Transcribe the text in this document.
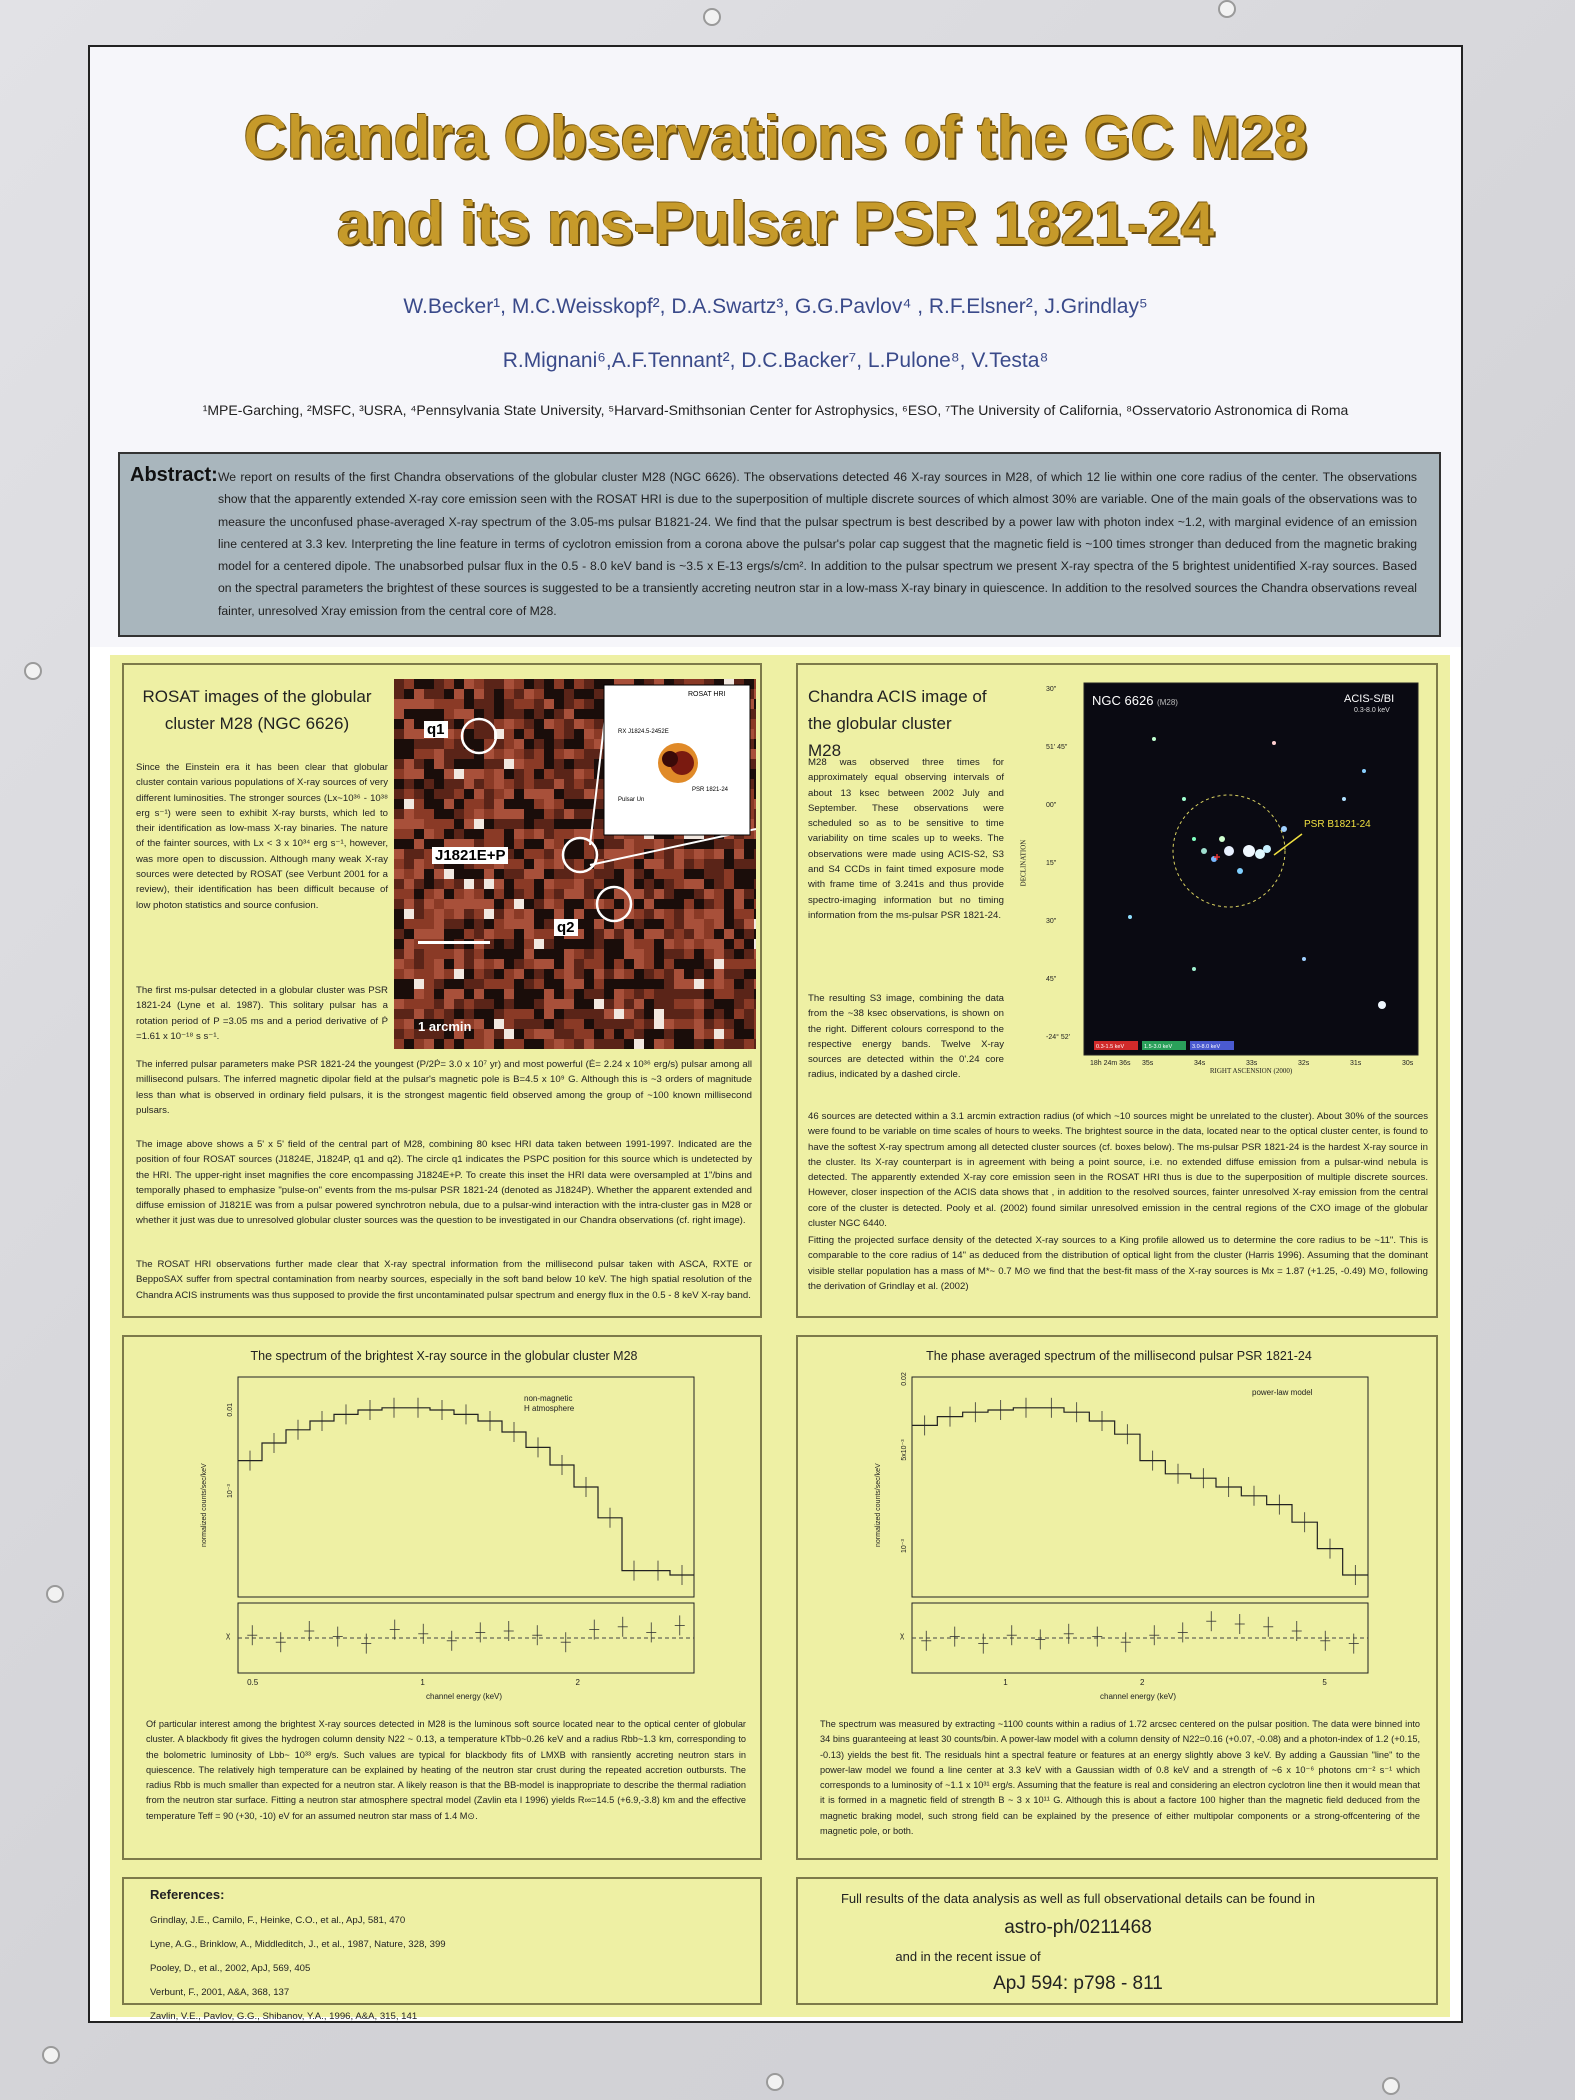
Chandra Observations of the GC M28
and its ms-Pulsar PSR 1821-24
W.Becker¹, M.C.Weisskopf², D.A.Swartz³, G.G.Pavlov⁴ , R.F.Elsner², J.Grindlay⁵
R.Mignani⁶,A.F.Tennant², D.C.Backer⁷, L.Pulone⁸, V.Testa⁸
¹MPE-Garching, ²MSFC, ³USRA, ⁴Pennsylvania State University, ⁵Harvard-Smithsonian Center for Astrophysics, ⁶ESO, ⁷The University of California, ⁸Osservatorio Astronomica di Roma
Abstract: We report on results of the first Chandra observations of the globular cluster M28 (NGC 6626). The observations detected 46 X-ray sources in M28, of which 12 lie within one core radius of the center. The observations show that the apparently extended X-ray core emission seen with the ROSAT HRI is due to the superposition of multiple discrete sources of which almost 30% are variable. One of the main goals of the observations was to measure the unconfused phase-averaged X-ray spectrum of the 3.05-ms pulsar B1821-24. We find that the pulsar spectrum is best described by a power law with photon index ~1.2, with marginal evidence of an emission line centered at 3.3 kev. Interpreting the line feature in terms of cyclotron emission from a corona above the pulsar's polar cap suggest that the magnetic field is ~100 times stronger than deduced from the magnetic braking model for a centered dipole. The unabsorbed pulsar flux in the 0.5 - 8.0 keV band is ~3.5 x E-13 ergs/s/cm². In addition to the pulsar spectrum we present X-ray spectra of the 5 brightest unidentified X-ray sources. Based on the spectral parameters the brightest of these sources is suggested to be a transiently accreting neutron star in a low-mass X-ray binary in quiescence. In addition to the resolved sources the Chandra observations reveal fainter, unresolved Xray emission from the central core of M28.
ROSAT images of the globular
cluster M28 (NGC 6626)
Since the Einstein era it has been clear that globular cluster contain various populations of X-ray sources of very different luminosities. The stronger sources (Lx~10³⁶ - 10³⁸ erg s⁻¹) were seen to exhibit X-ray bursts, which led to their identification as low-mass X-ray binaries. The nature of the fainter sources, with Lx < 3 x 10³⁴ erg s⁻¹, however, was more open to discussion. Although many weak X-ray sources were detected by ROSAT (see Verbunt 2001 for a review), their identification has been difficult because of low photon statistics and source confusion.
The first ms-pulsar detected in a globular cluster was PSR 1821-24 (Lyne et al. 1987). This solitary pulsar has a rotation period of P =3.05 ms and a period derivative of Ṗ =1.61 x 10⁻¹⁸ s s⁻¹.
q1
q2
J1821E+P
1 arcmin
ROSAT HRI
RX J1824.5-2452E
Pulsar Un
PSR 1821-24
The inferred pulsar parameters make PSR 1821-24 the youngest (P/2Ṗ= 3.0 x 10⁷ yr) and most powerful (Ė= 2.24 x 10³⁶ erg/s) pulsar among all millisecond pulsars. The inferred magnetic dipolar field at the pulsar's magnetic pole is B=4.5 x 10⁹ G. Although this is ~3 orders of magnitude less than what is observed in ordinary field pulsars, it is the strongest magentic field observed among the group of ~100 known millisecond pulsars.
The image above shows a 5' x 5' field of the central part of M28, combining 80 ksec HRI data taken between 1991-1997. Indicated are the position of four ROSAT sources (J1824E, J1824P, q1 and q2). The circle q1 indicates the PSPC position for this source which is undetected by the HRI. The upper-right inset magnifies the core encompassing J1824E+P. To create this inset the HRI data were oversampled at 1"/bins and temporally phased to emphasize "pulse-on" events from the ms-pulsar PSR 1821-24 (denoted as J1824P). Whether the apparent extended and diffuse emission of J1821E was from a pulsar powered synchrotron nebula, due to a pulsar-wind interaction with the intra-cluster gas in M28 or whether it just was due to unresolved globular cluster sources was the question to be investigated in our Chandra observations (cf. right image).
The ROSAT HRI observations further made clear that X-ray spectral information from the millisecond pulsar taken with ASCA, RXTE or BeppoSAX suffer from spectral contamination from nearby sources, especially in the soft band below 10 keV. The high spatial resolution of the Chandra ACIS instruments was thus supposed to provide the first uncontaminated pulsar spectrum and energy flux in the 0.5 - 8 keV X-ray band.
Chandra ACIS image of
the globular cluster M28
M28 was observed three times for approximately equal observing intervals of about 13 ksec between 2002 July and September. These observations were scheduled so as to be sensitive to time variability on time scales up to weeks. The observations were made using ACIS-S2, S3 and S4 CCDs in faint timed exposure mode with frame time of 3.241s and thus provide spectro-imaging information but no timing information from the ms-pulsar PSR 1821-24.
0.3-1.5 keV	1.5-3.0 keV	3.0-8.0 keV
18h 24m 36s 35s	34s	33s	32s	31s	30s
30"
51' 45"
00"
15"
30"
45"
-24° 52'
NGC 6626 (M28)	ACIS-S/BI
0.3-8.0 keV
PSR B1821-24
DECLINATION
RIGHT ASCENSION (2000)
The resulting S3 image, combining the data from the ~38 ksec observations, is shown on the right. Different colours correspond to the respective energy bands. Twelve X-ray sources are detected within the 0'.24 core radius, indicated by a dashed circle.
46 sources are detected within a 3.1 arcmin extraction radius (of which ~10 sources might be unrelated to the cluster). About 30% of the sources were found to be variable on time scales of hours to weeks. The brightest source in the data, located near to the optical cluster center, is found to have the softest X-ray spectrum among all detected cluster sources (cf. boxes below). The ms-pulsar PSR 1821-24 is the hardest X-ray source in the cluster. Its X-ray counterpart is in agreement with being a point source, i.e. no extended diffuse emission from a pulsar-wind nebula is detected. The apparently extended X-ray core emission seen in the ROSAT HRI thus is due to the superposition of multiple discrete sources. However, closer inspection of the ACIS data shows that , in addition to the resolved sources, fainter unresolved X-ray emission from the central core of the cluster is detected. Pooly et al. (2002) found similar unresolved emission in the central regions of the CXO image of the globular cluster NGC 6440.
Fitting the projected surface density of the detected X-ray sources to a King profile allowed us to determine the core radius to be ~11". This is comparable to the core radius of 14" as deduced from the distribution of optical light from the cluster (Harris 1996). Assuming that the dominant visible stellar population has a mass of M*~ 0.7 M⊙ we find that the best-fit mass of the X-ray sources is Mx = 1.87 (+1.25, -0.49) M⊙, following the derivation of Grindlay et al. (2002)
The spectrum of the brightest X-ray source in the globular cluster M28
0.5	1	2
0.01
10⁻³
channel energy (keV)
normalized counts/sec/keV
χ
non-magnetic
H atmosphere
Of particular interest among the brightest X-ray sources detected in M28 is the luminous soft source located near to the optical center of globular cluster. A blackbody fit gives the hydrogen column density N22 ~ 0.13, a temperature kTbb~0.26 keV and a radius Rbb~1.3 km, corresponding to the bolometric luminosity of Lbb~ 10³³ erg/s. Such values are typical for blackbody fits of LMXB with ransiently accreting neutron stars in quiescence. The relatively high temperature can be explained by heating of the neutron star crust during the repeated accretion outbursts. The radius Rbb is much smaller than expected for a neutron star. A likely reason is that the BB-model is inappropriate to describe the thermal radiation from the neutron star surface. Fitting a neutron star atmosphere spectral model (Zavlin eta l 1996) yields R∞=14.5 (+6.9,-3.8) km and the effective temperature Teff = 90 (+30, -10) eV for an assumed neutron star mass of 1.4 M⊙.
The phase averaged spectrum of the millisecond pulsar PSR 1821-24
1	2	5
0.02
5x10⁻³
10⁻³
channel energy (keV)
normalized counts/sec/keV
χ
power-law model
The spectrum was measured by extracting ~1100 counts within a radius of 1.72 arcsec centered on the pulsar position. The data were binned into 34 bins guaranteeing at least 30 counts/bin. A power-law model with a column density of N22=0.16 (+0.07, -0.08) and a photon-index of 1.2 (+0.15, -0.13) yields the best fit. The residuals hint a spectral feature or features at an energy slightly above 3 keV. By adding a Gaussian "line" to the power-law model we found a line center at 3.3 keV with a Gaussian width of 0.8 keV and a strength of ~6 x 10⁻⁶ photons cm⁻² s⁻¹ which corresponds to a luminosity of ~1.1 x 10³¹ erg/s. Assuming that the feature is real and considering an electron cyclotron line then it would mean that it is formed in a magnetic field of strength B ~ 3 x 10¹¹ G. Although this is about a factore 100 higher than the magnetic field deduced from the magnetic braking model, such strong field can be explained by the presence of either multipolar components or a strong-offcentering of the magnetic pole, or both.
References:
Grindlay, J.E., Camilo, F., Heinke, C.O., et al., ApJ, 581, 470
Lyne, A.G., Brinklow, A., Middleditch, J., et al., 1987, Nature, 328, 399
Pooley, D., et al., 2002, ApJ, 569, 405
Verbunt, F., 2001, A&A, 368, 137
Zavlin, V.E., Pavlov, G.G., Shibanov, Y.A., 1996, A&A, 315, 141
Full results of the data analysis as well as full observational details can be found in
astro-ph/0211468
and in the recent issue of
ApJ 594: p798 - 811
